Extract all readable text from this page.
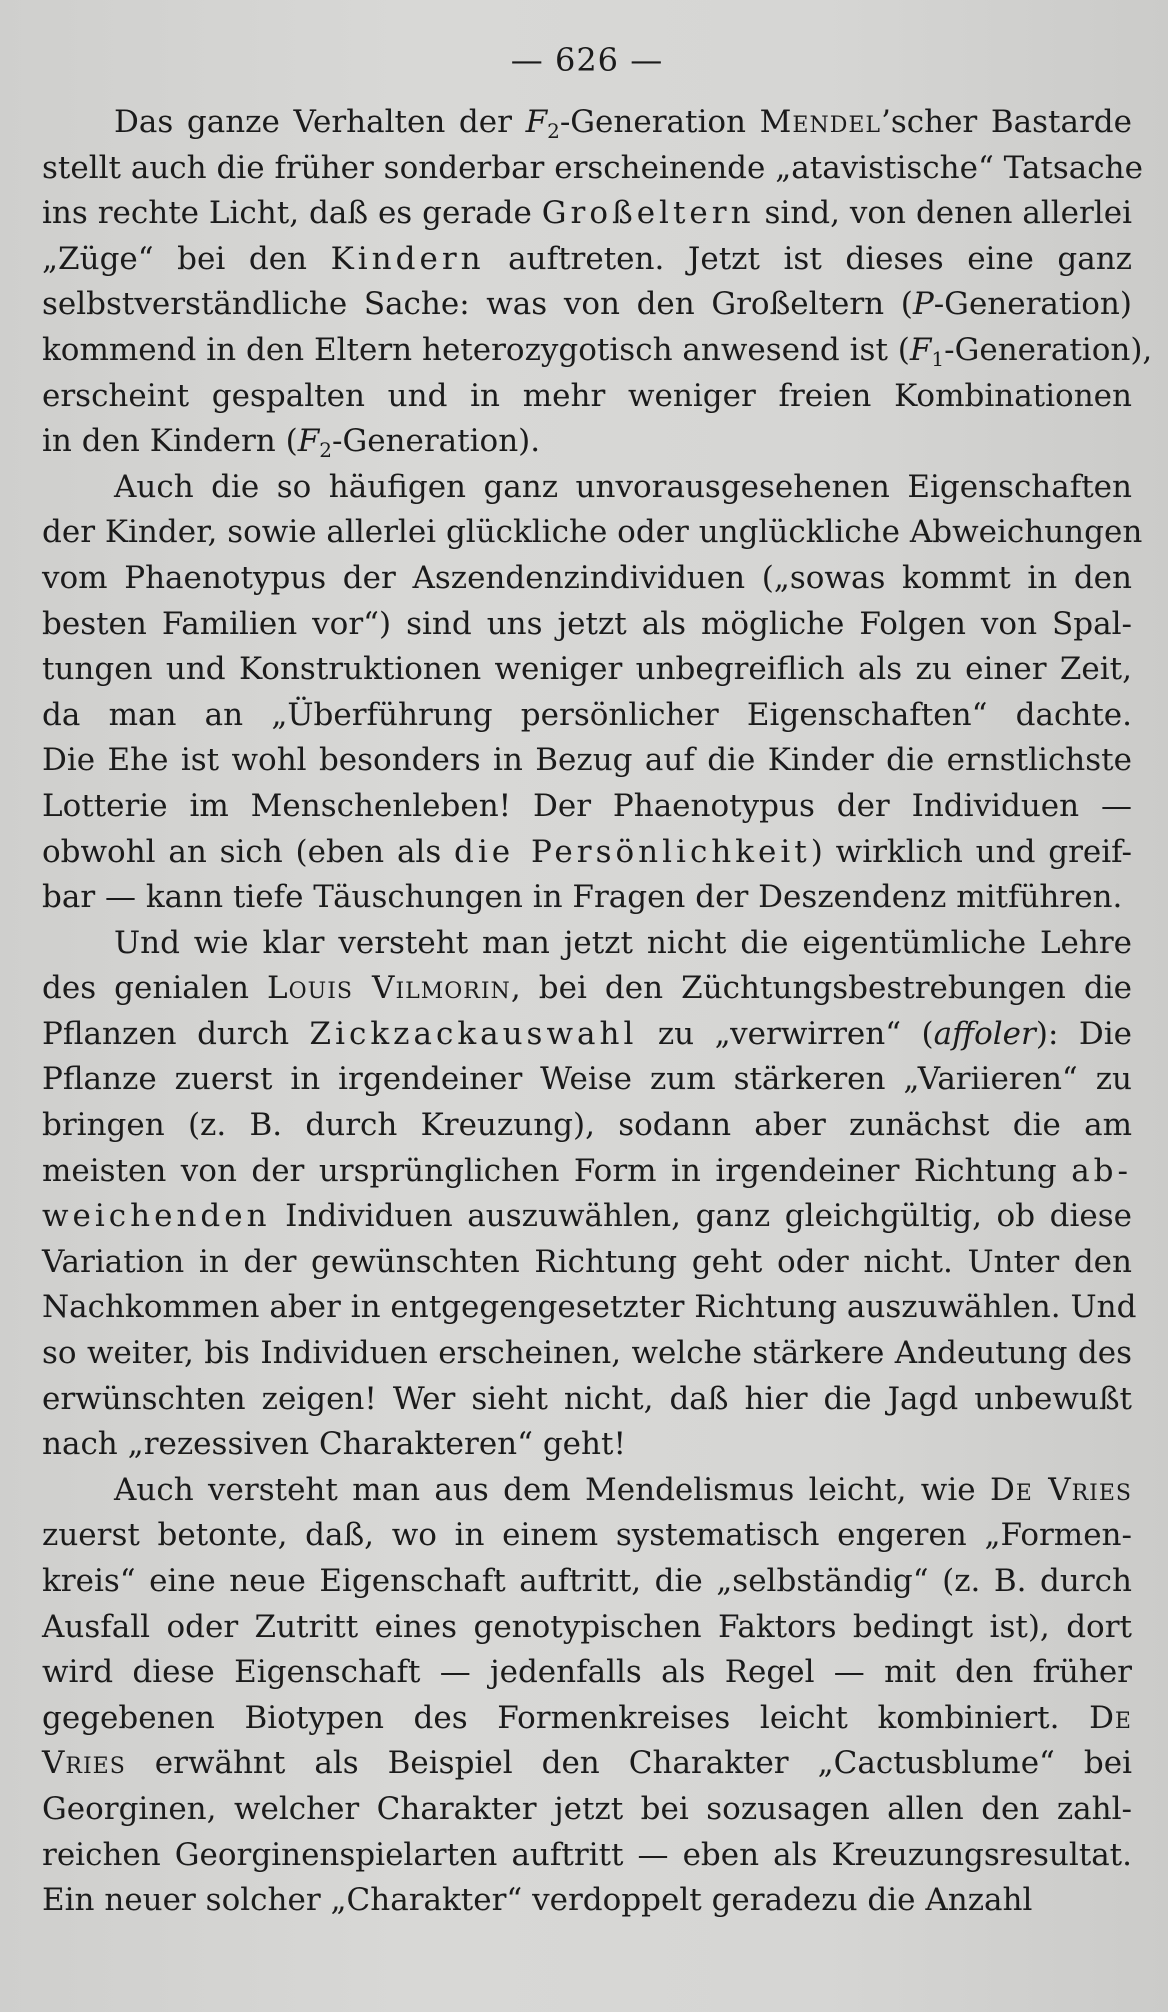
— 626 —
Das ganze Verhalten der $F_2$-Generation Mendel’scher Bastarde
stellt auch die früher sonderbar erscheinende „atavistische“ Tatsache
ins rechte Licht, daß es gerade Großeltern sind, von denen allerlei
„Züge“ bei den Kindern auftreten. Jetzt ist dieses eine ganz
selbstverständliche Sache: was von den Großeltern (P-Generation)
kommend in den Eltern heterozygotisch anwesend ist $(F_1-Generation)$,
erscheint gespalten und in mehr weniger freien Kombinationen
in den Kindern $(F_2-Generation)$.
Auch die so häufigen ganz unvorausgesehenen Eigenschaften
der Kinder, sowie allerlei glückliche oder unglückliche Abweichungen
vom Phaenotypus der Aszendenzindividuen („sowas kommt in den
besten Familien vor“) sind uns jetzt als mögliche Folgen von Spal-
tungen und Konstruktionen weniger unbegreiflich als zu einer Zeit,
da man an „Überführung persönlicher Eigenschaften“ dachte.
Die Ehe ist wohl besonders in Bezug auf die Kinder die ernstlichste
Lotterie im Menschenleben! Der Phaenotypus der Individuen —
obwohl an sich (eben als die Persönlichkeit) wirklich und greif-
bar — kann tiefe Täuschungen in Fragen der Deszendenz mitführen.
Und wie klar versteht man jetzt nicht die eigentümliche Lehre
des genialen Louis Vilmorin, bei den Züchtungsbestrebungen die
Pflanzen durch Zickzackauswahl zu „verwirren“ (affoler): Die
Pflanze zuerst in irgendeiner Weise zum stärkeren „Variieren“ zu
bringen (z. B. durch Kreuzung), sodann aber zunächst die am
meisten von der ursprünglichen Form in irgendeiner Richtung ab-
weichenden Individuen auszuwählen, ganz gleichgültig, ob diese
Variation in der gewünschten Richtung geht oder nicht. Unter den
Nachkommen aber in entgegengesetzter Richtung auszuwählen. Und
so weiter, bis Individuen erscheinen, welche stärkere Andeutung des
erwünschten zeigen! Wer sieht nicht, daß hier die Jagd unbewußt
nach „rezessiven Charakteren“ geht!
Auch versteht man aus dem Mendelismus leicht, wie De Vries
zuerst betonte, daß, wo in einem systematisch engeren „Formen-
kreis“ eine neue Eigenschaft auftritt, die „selbständig“ (z. B. durch
Ausfall oder Zutritt eines genotypischen Faktors bedingt ist), dort
wird diese Eigenschaft — jedenfalls als Regel — mit den früher
gegebenen Biotypen des Formenkreises leicht kombiniert. De
Vries erwähnt als Beispiel den Charakter „Cactusblume“ bei
Georginen, welcher Charakter jetzt bei sozusagen allen den zahl-
reichen Georginenspielarten auftritt — eben als Kreuzungsresultat.
Ein neuer solcher „Charakter“ verdoppelt geradezu die Anzahl
